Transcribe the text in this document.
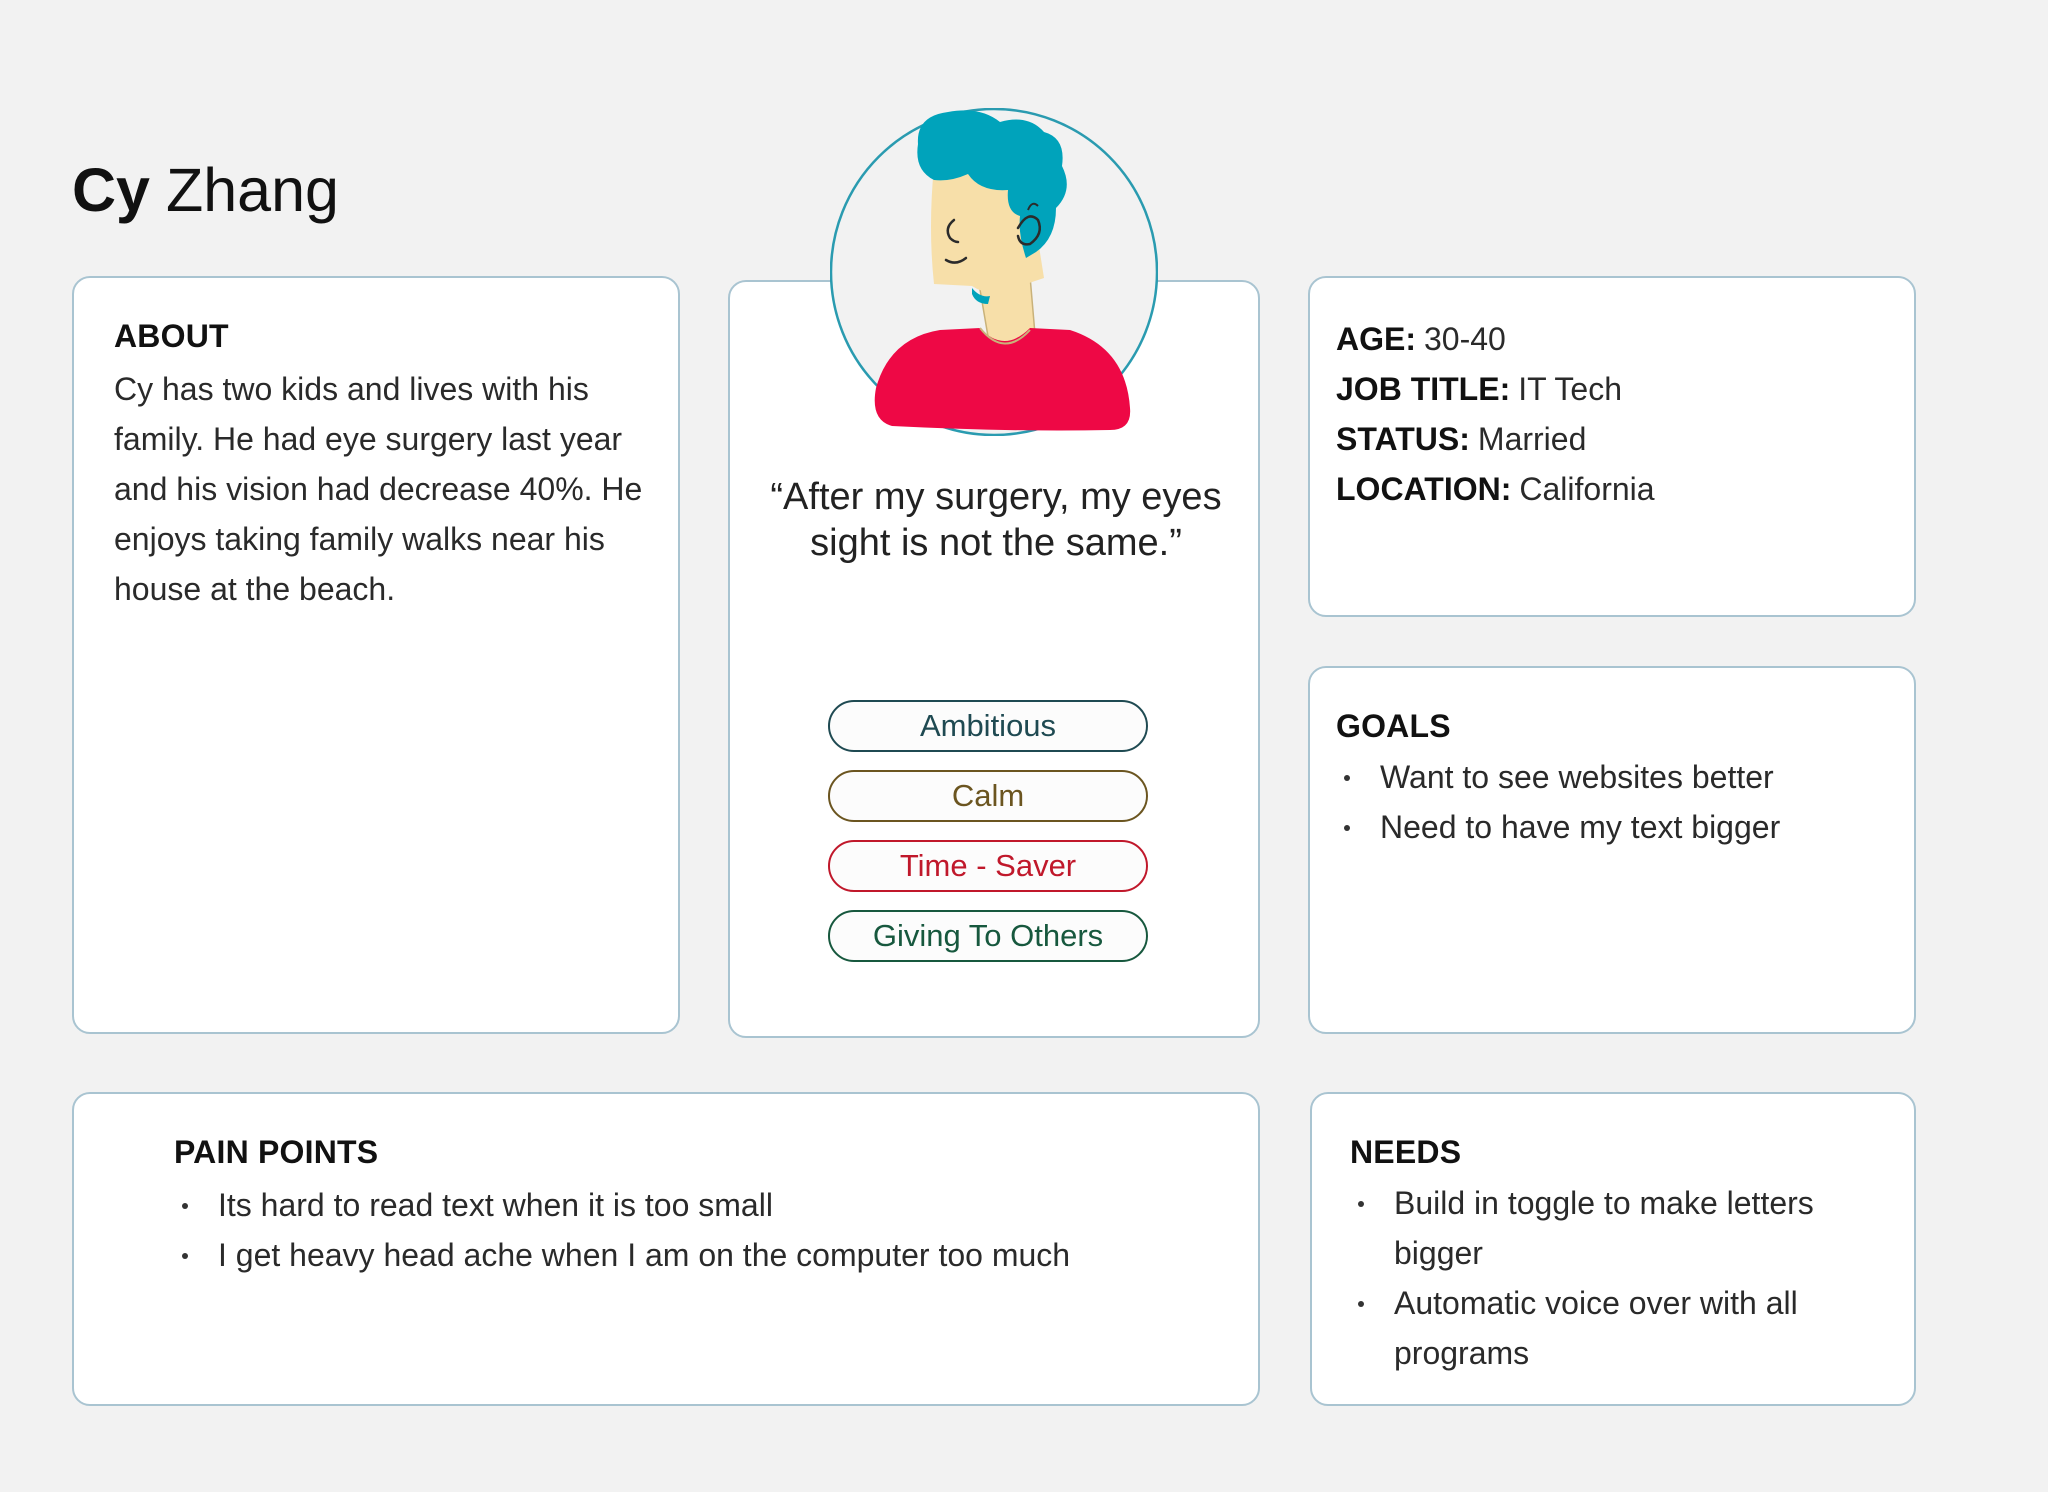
Cy Zhang
ABOUT

Cy has two kids and lives with his family. He had eye surgery last year and his vision had decrease 40%. He enjoys taking family walks near his house at the beach.

“After my surgery, my eyes sight is not the same.”

Ambitious
Calm
Time - Saver
Giving To Others
AGE: 30-40
JOB TITLE: IT Tech
STATUS: Married
LOCATION: California
GOALS
Want to see websites better
Need to have my text bigger
PAIN POINTS
Its hard to read text when it is too small
I get heavy head ache when I am on the computer too much
NEEDS
Build in toggle to make letters bigger
Automatic voice over with all programs
